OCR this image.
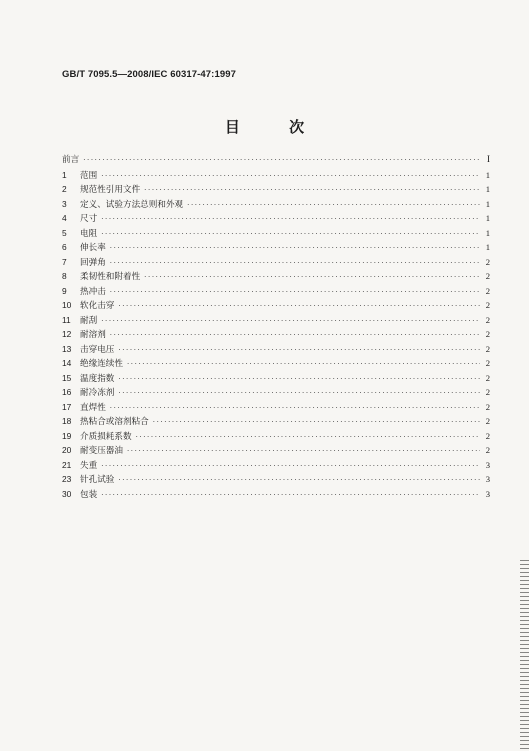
GB/T 7095.5—2008/IEC 60317-47:1997
目 次
前言 ·····	I
1	范围 ·····	1
2	规范性引用文件 ·····	1
3	定义、试验方法总则和外观 ·····	1
4	尺寸 ·····	1
5	电阻 ·····	1
6	伸长率 ·····	1
7	回弹角 ·····	2
8	柔韧性和附着性 ·····	2
9	热冲击 ·····	2
10	软化击穿 ·····	2
11	耐刮 ·····	2
12	耐溶剂 ·····	2
13	击穿电压 ·····	2
14	绝缘连续性 ·····	2
15	温度指数 ·····	2
16	耐冷冻剂 ·····	2
17	直焊性 ·····	2
18	热粘合或溶剂粘合 ·····	2
19	介质损耗系数 ·····	2
20	耐变压器油 ·····	2
21	失重 ·····	3
23	针孔试验 ·····	3
30	包装 ·····	3
